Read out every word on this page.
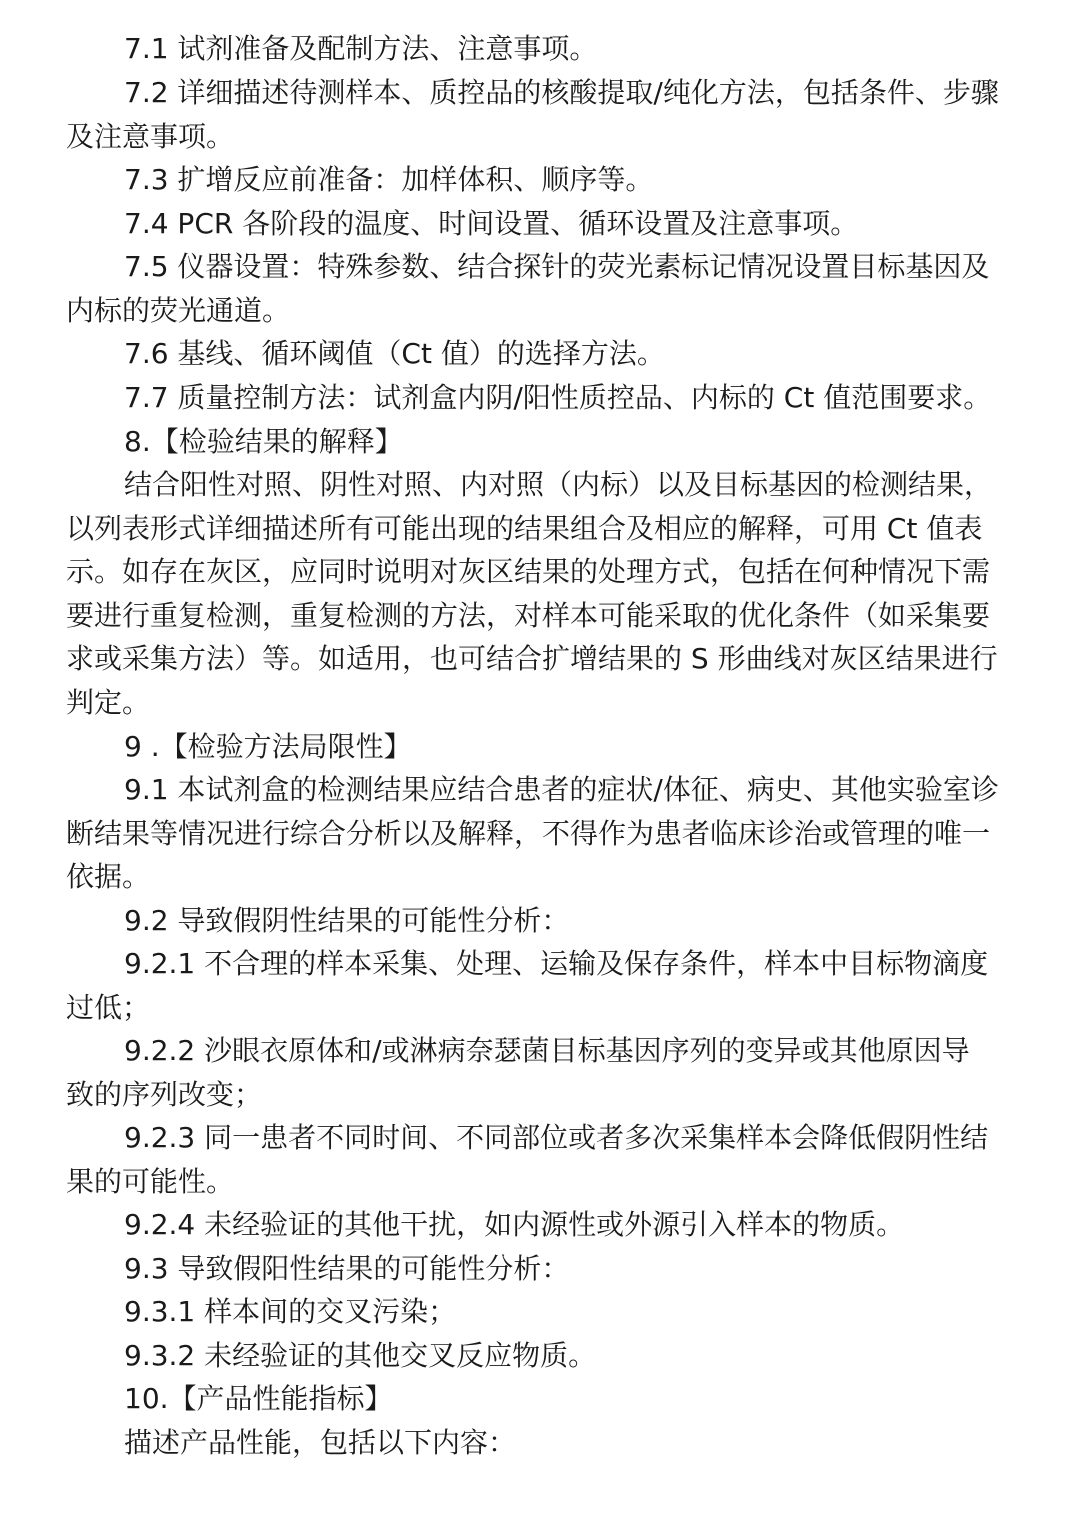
7.1 试剂准备及配制方法、注意事项。

7.2 详细描述待测样本、质控品的核酸提取/纯化方法，包括条件、步骤
及注意事项。

7.3 扩增反应前准备：加样体积、顺序等。

7.4 PCR 各阶段的温度、时间设置、循环设置及注意事项。

7.5 仪器设置：特殊参数、结合探针的荧光素标记情况设置目标基因及
内标的荧光通道。

7.6 基线、循环阈值（Ct 值）的选择方法。

7.7 质量控制方法：试剂盒内阴/阳性质控品、内标的 Ct 值范围要求。

8.【检验结果的解释】

结合阳性对照、阴性对照、内对照（内标）以及目标基因的检测结果，
以列表形式详细描述所有可能出现的结果组合及相应的解释，可用 Ct 值表
示。如存在灰区，应同时说明对灰区结果的处理方式，包括在何种情况下需
要进行重复检测，重复检测的方法，对样本可能采取的优化条件（如采集要
求或采集方法）等。如适用，也可结合扩增结果的 S 形曲线对灰区结果进行
判定。

9 .【检验方法局限性】

9.1 本试剂盒的检测结果应结合患者的症状/体征、病史、其他实验室诊
断结果等情况进行综合分析以及解释，不得作为患者临床诊治或管理的唯一
依据。

9.2 导致假阴性结果的可能性分析：

9.2.1 不合理的样本采集、处理、运输及保存条件，样本中目标物滴度
过低；
9.2.2 沙眼衣原体和/或淋病奈瑟菌目标基因序列的变异或其他原因导
致的序列改变；
9.2.3 同一患者不同时间、不同部位或者多次采集样本会降低假阴性结
果的可能性。

9.2.4 未经验证的其他干扰，如内源性或外源引入样本的物质。

9.3 导致假阳性结果的可能性分析：

9.3.1 样本间的交叉污染；

9.3.2 未经验证的其他交叉反应物质。

10.【产品性能指标】

描述产品性能，包括以下内容：
